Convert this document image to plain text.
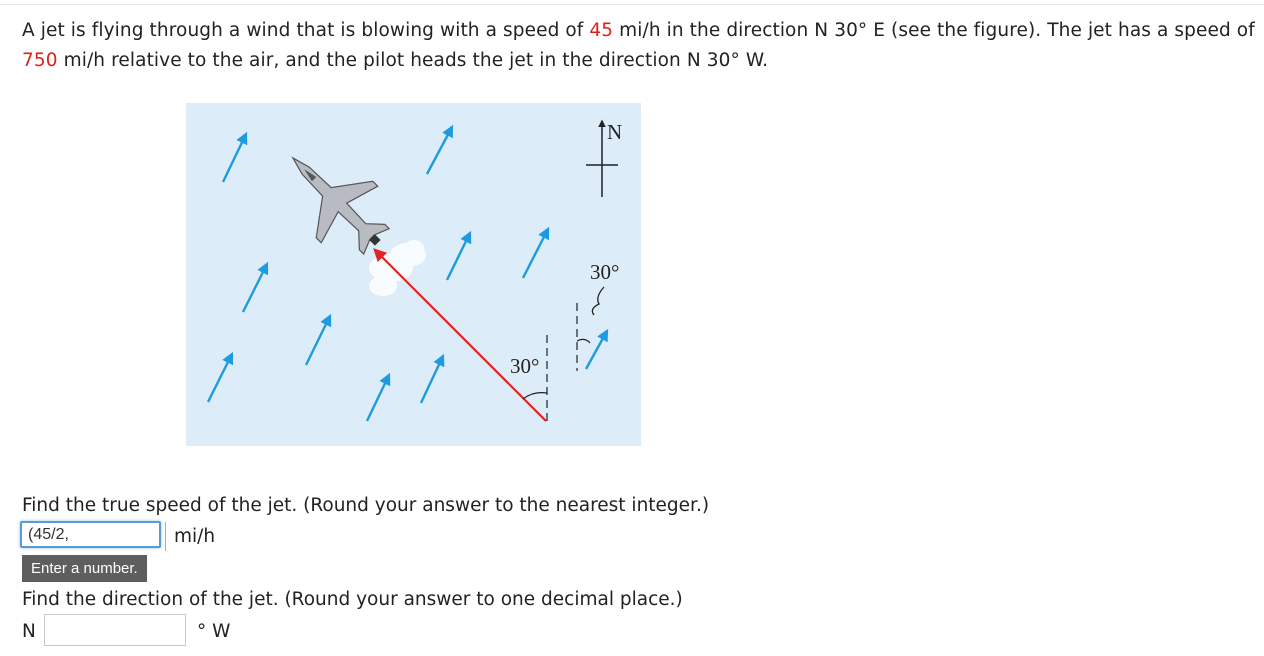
A jet is flying through a wind that is blowing with a speed of 45 mi/h in the direction N 30° E (see the figure). The jet has a speed of 750 mi/h relative to the air, and the pilot heads the jet in the direction N 30° W.
30°
N
30°
Find the true speed of the jet. (Round your answer to the nearest integer.)
(45/2,
mi/h
Enter a number.
Find the direction of the jet. (Round your answer to one decimal place.)
N	° W
